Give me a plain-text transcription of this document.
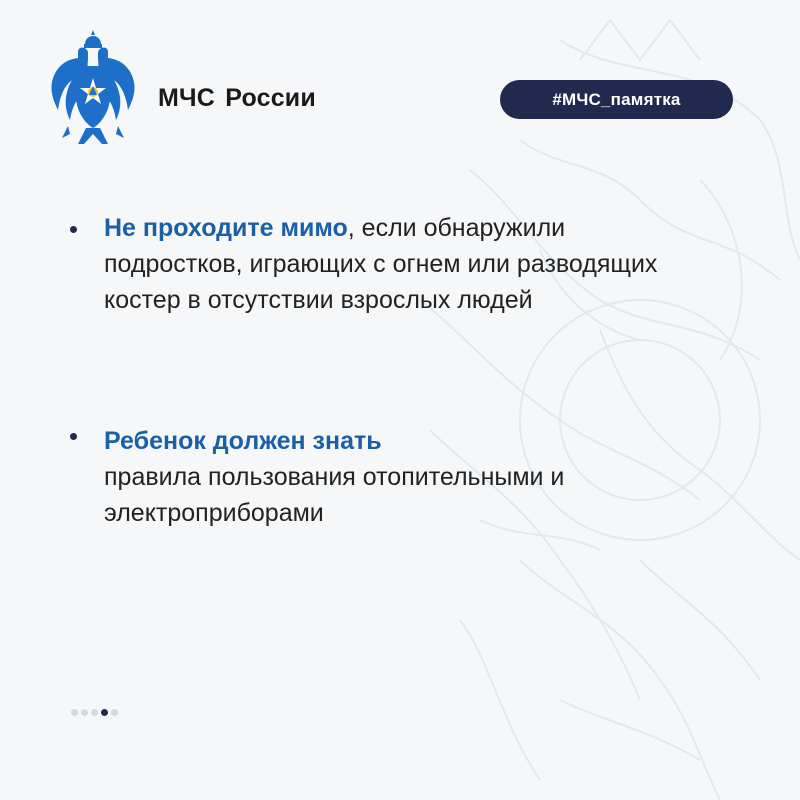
МЧС России	#МЧС_памятка
Не проходите мимо, если обнаружили подростков, играющих с огнем или разводящих костер в отсутствии взрослых людей
Ребенок должен знать
правила пользования отопительными и электроприборами
